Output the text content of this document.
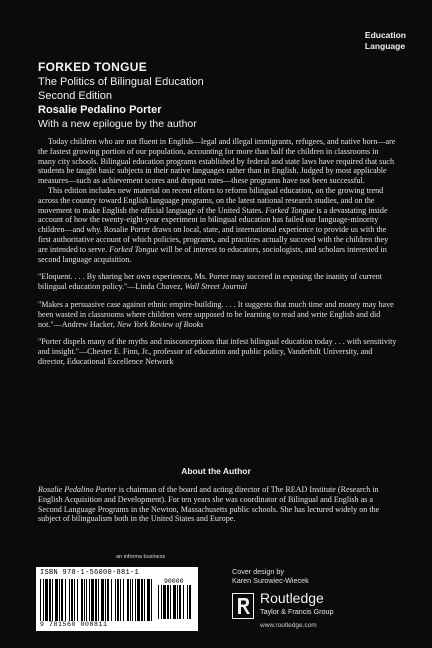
Education
Language
FORKED TONGUE
The Politics of Bilingual Education
Second Edition
Rosalie Pedalino Porter
With a new epilogue by the author

Today children who are not fluent in English—legal and illegal immigrants, refugees, and native born—are the fastest growing portion of our population, accounting for more than half the children in classrooms in many city schools. Bilingual education programs established by federal and state laws have required that such students be taught basic subjects in their native languages rather than in English. Judged by most applicable measures—such as achievement scores and dropout rates—these programs have not been successful.

This edition includes new material on recent efforts to reform bilingual education, on the growing trend across the country toward English language programs, on the latest national research studies, and on the movement to make English the official language of the United States. Forked Tongue is a devastating inside account of how the twenty-eight-year experiment in bilingual education has failed our language-minority children—and why. Rosalie Porter draws on local, state, and international experience to provide us with the first authoritative account of which policies, programs, and practices actually succeed with the children they are intended to serve. Forked Tongue will be of interest to educators, sociologists, and scholars interested in second language acquisition.

"Eloquent. . . . By sharing her own experiences, Ms. Porter may succeed in exposing the inanity of current bilingual education policy."—Linda Chavez, Wall Street Journal

"Makes a persuasive case against ethnic empire-building. . . . It suggests that much time and money may have been wasted in classrooms where children were supposed to be learning to read and write English and did not."—Andrew Hacker, New York Review of Books

"Porter dispels many of the myths and misconceptions that infest bilingual education today . . . with sensitivity and insight."—Chester E. Finn, Jr., professor of education and public policy, Vanderbilt University, and director, Educational Excellence Network

About the Author

Rosalie Pedalino Porter is chairman of the board and acting director of The READ Institute (Research in English Acquisition and Development). For ten years she was coordinator of Bilingual and English as a Second Language Programs in the Newton, Massachusetts public schools. She has lectured widely on the subject of bilingualism both in the United States and Europe.

an informa business
ISBN 978-1-56000-881-1
9 781560 008811
90000
Cover design by
Karen Surowiec-Wiecek
Routledge
Taylor & Francis Group
www.routledge.com
